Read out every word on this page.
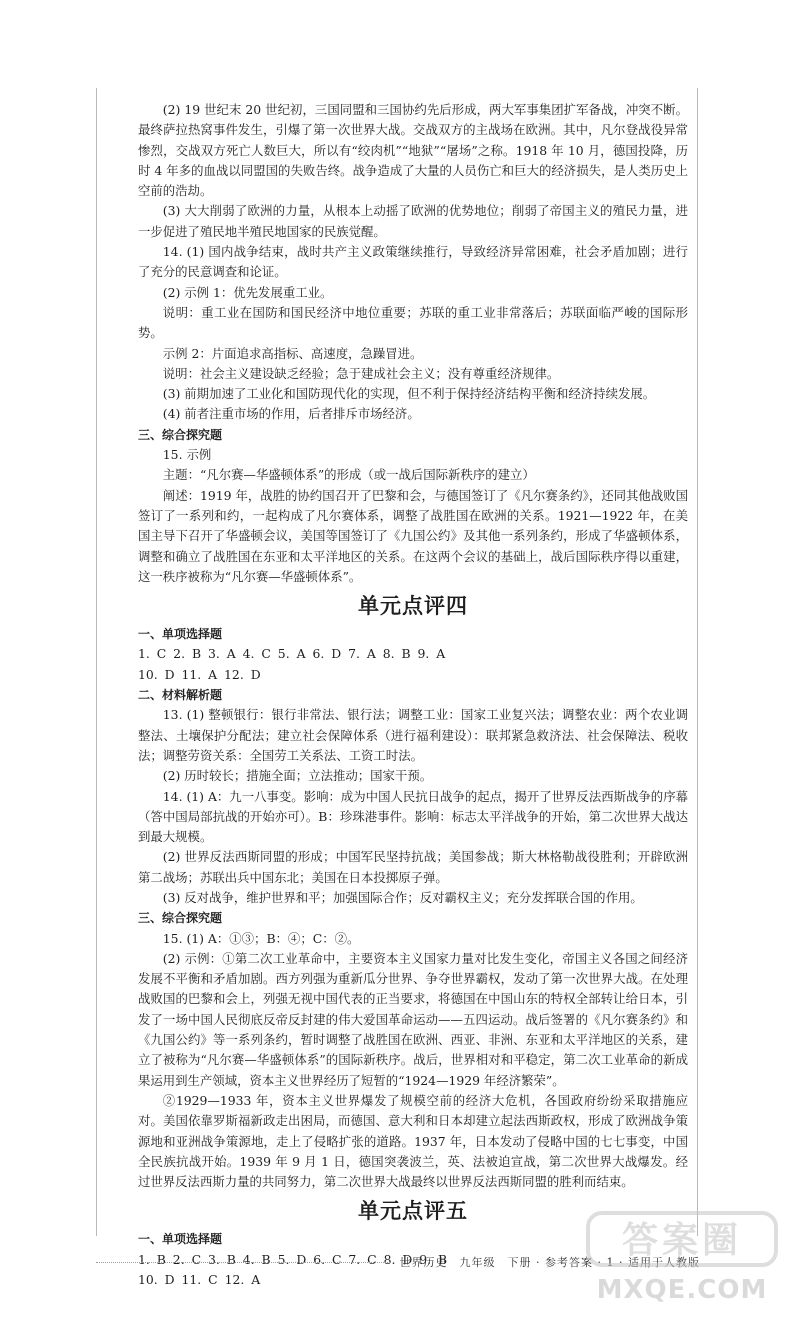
(2) 19 世纪末 20 世纪初，三国同盟和三国协约先后形成，两大军事集团扩军备战，冲突不断。最终萨拉热窝事件发生，引爆了第一次世界大战。交战双方的主战场在欧洲。其中，凡尔登战役异常惨烈，交战双方死亡人数巨大，所以有“绞肉机”“地狱”“屠场”之称。1918 年 10 月，德国投降，历时 4 年多的血战以同盟国的失败告终。战争造成了大量的人员伤亡和巨大的经济损失，是人类历史上空前的浩劫。

(3) 大大削弱了欧洲的力量，从根本上动摇了欧洲的优势地位；削弱了帝国主义的殖民力量，进一步促进了殖民地半殖民地国家的民族觉醒。

14. (1) 国内战争结束，战时共产主义政策继续推行，导致经济异常困难，社会矛盾加剧；进行了充分的民意调查和论证。

(2) 示例 1：优先发展重工业。

说明：重工业在国防和国民经济中地位重要；苏联的重工业非常落后；苏联面临严峻的国际形势。

示例 2：片面追求高指标、高速度，急躁冒进。

说明：社会主义建设缺乏经验；急于建成社会主义；没有尊重经济规律。

(3) 前期加速了工业化和国防现代化的实现，但不利于保持经济结构平衡和经济持续发展。

(4) 前者注重市场的作用，后者排斥市场经济。

三、综合探究题

15. 示例

主题：“凡尔赛—华盛顿体系”的形成（或一战后国际新秩序的建立）

阐述：1919 年，战胜的协约国召开了巴黎和会，与德国签订了《凡尔赛条约》，还同其他战败国签订了一系列和约，一起构成了凡尔赛体系，调整了战胜国在欧洲的关系。1921—1922 年，在美国主导下召开了华盛顿会议，美国等国签订了《九国公约》及其他一系列条约，形成了华盛顿体系，调整和确立了战胜国在东亚和太平洋地区的关系。在这两个会议的基础上，战后国际秩序得以重建，这一秩序被称为“凡尔赛—华盛顿体系”。

单元点评四

一、单项选择题

1. C 2. B 3. A 4. C 5. A 6. D 7. A 8. B 9. A

10. D 11. A 12. D

二、材料解析题

13. (1) 整顿银行：银行非常法、银行法；调整工业：国家工业复兴法；调整农业：两个农业调整法、土壤保护分配法；建立社会保障体系（进行福利建设）：联邦紧急救济法、社会保障法、税收法；调整劳资关系：全国劳工关系法、工资工时法。

(2) 历时较长；措施全面；立法推动；国家干预。

14. (1) A：九一八事变。影响：成为中国人民抗日战争的起点，揭开了世界反法西斯战争的序幕（答中国局部抗战的开始亦可）。B：珍珠港事件。影响：标志太平洋战争的开始，第二次世界大战达到最大规模。

(2) 世界反法西斯同盟的形成；中国军民坚持抗战；美国参战；斯大林格勒战役胜利；开辟欧洲第二战场；苏联出兵中国东北；美国在日本投掷原子弹。

(3) 反对战争，维护世界和平；加强国际合作；反对霸权主义；充分发挥联合国的作用。

三、综合探究题

15. (1) A：①③；B：④；C：②。

(2) 示例：①第二次工业革命中，主要资本主义国家力量对比发生变化，帝国主义各国之间经济发展不平衡和矛盾加剧。西方列强为重新瓜分世界、争夺世界霸权，发动了第一次世界大战。在处理战败国的巴黎和会上，列强无视中国代表的正当要求，将德国在中国山东的特权全部转让给日本，引发了一场中国人民彻底反帝反封建的伟大爱国革命运动——五四运动。战后签署的《凡尔赛条约》和《九国公约》等一系列条约，暂时调整了战胜国在欧洲、西亚、非洲、东亚和太平洋地区的关系，建立了被称为“凡尔赛—华盛顿体系”的国际新秩序。战后，世界相对和平稳定，第二次工业革命的新成果运用到生产领域，资本主义世界经历了短暂的“1924—1929 年经济繁荣”。

②1929—1933 年，资本主义世界爆发了规模空前的经济大危机，各国政府纷纷采取措施应对。美国依靠罗斯福新政走出困局，而德国、意大利和日本却建立起法西斯政权，形成了欧洲战争策源地和亚洲战争策源地，走上了侵略扩张的道路。1937 年，日本发动了侵略中国的七七事变，中国全民族抗战开始。1939 年 9 月 1 日，德国突袭波兰，英、法被迫宣战，第二次世界大战爆发。经过世界反法西斯力量的共同努力，第二次世界大战最终以世界反法西斯同盟的胜利而结束。

单元点评五

一、单项选择题

1. B 2. C 3. B 4. B 5. D 6. C 7. C 8. D 9. B

10. D 11. C 12. A

世界历史　九年级　下册 · 参考答案 · 1 · 适用于人教版
答案圈
MXQE.COM
